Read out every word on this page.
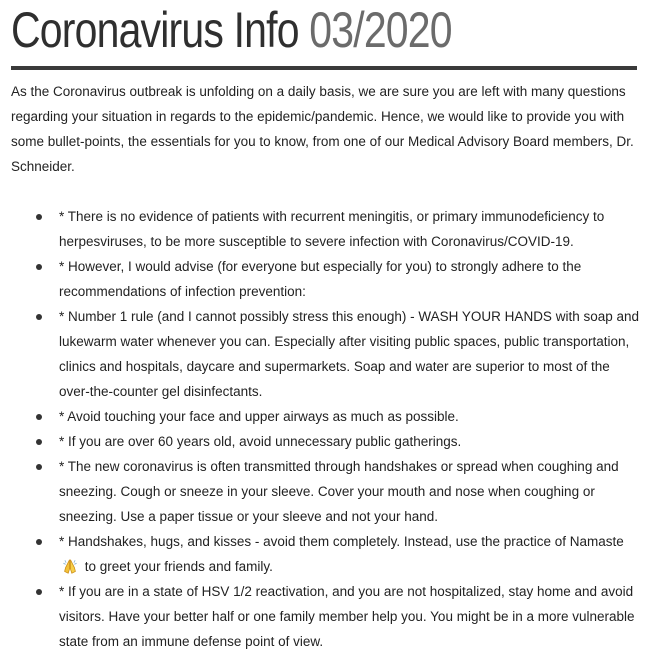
Coronavirus Info 03/2020

As the Coronavirus outbreak is unfolding on a daily basis, we are sure you are left with many questions regarding your situation in regards to the epidemic/pandemic. Hence, we would like to provide you with some bullet-points, the essentials for you to know, from one of our Medical Advisory Board members, Dr. Schneider.

* There is no evidence of patients with recurrent meningitis, or primary immunodeficiency to herpesviruses, to be more susceptible to severe infection with Coronavirus/COVID-19.
* However, I would advise (for everyone but especially for you) to strongly adhere to the recommendations of infection prevention:
* Number 1 rule (and I cannot possibly stress this enough) - WASH YOUR HANDS with soap and lukewarm water whenever you can. Especially after visiting public spaces, public transportation, clinics and hospitals, daycare and supermarkets. Soap and water are superior to most of the over-the-counter gel disinfectants.
* Avoid touching your face and upper airways as much as possible.
* If you are over 60 years old, avoid unnecessary public gatherings.
* The new coronavirus is often transmitted through handshakes or spread when coughing and sneezing. Cough or sneeze in your sleeve. Cover your mouth and nose when coughing or sneezing. Use a paper tissue or your sleeve and not your hand.
* Handshakes, hugs, and kisses - avoid them completely. Instead, use the practice of Namaste  to greet your friends and family.
* If you are in a state of HSV 1/2 reactivation, and you are not hospitalized, stay home and avoid visitors. Have your better half or one family member help you. You might be in a more vulnerable state from an immune defense point of view.
